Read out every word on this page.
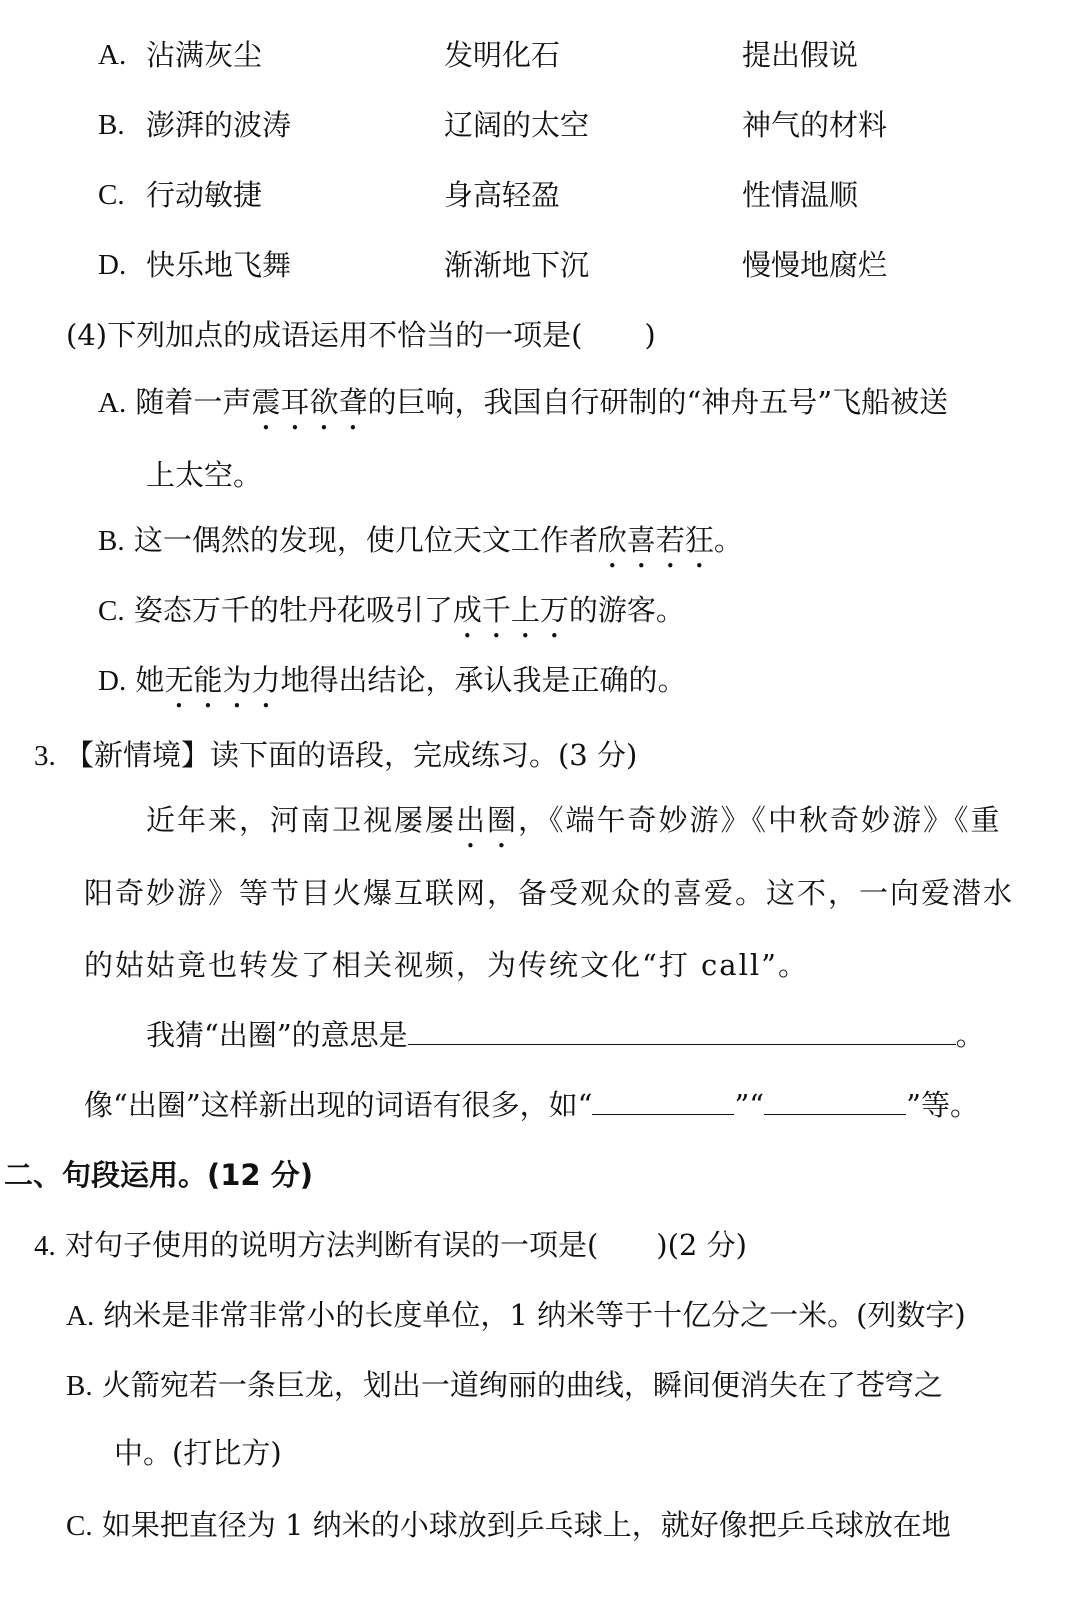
A. 沾满灰尘	发明化石	提出假说
B. 澎湃的波涛	辽阔的太空	神气的材料
C. 行动敏捷	身高轻盈	性情温顺
D. 快乐地飞舞	渐渐地下沉	慢慢地腐烂
(4)下列加点的成语运用不恰当的一项是( )
A. 随着一声震耳欲聋的巨响，我国自行研制的“神舟五号”飞船被送
上太空。
B. 这一偶然的发现，使几位天文工作者欣喜若狂。
C. 姿态万千的牡丹花吸引了成千上万的游客。
D. 她无能为力地得出结论，承认我是正确的。
3. 【新情境】读下面的语段，完成练习。(3 分)
近年来，河南卫视屡屡出圈，《端午奇妙游》《中秋奇妙游》《重
阳奇妙游》等节目火爆互联网，备受观众的喜爱。这不，一向爱潜水
的姑姑竟也转发了相关视频，为传统文化“打 call”。
我猜“出圈”的意思是	。
像“出圈”这样新出现的词语有很多，如“	”“	”等。
二、句段运用。(12 分)
4. 对句子使用的说明方法判断有误的一项是( )(2 分)
A. 纳米是非常非常小的长度单位，1 纳米等于十亿分之一米。(列数字)
B. 火箭宛若一条巨龙，划出一道绚丽的曲线，瞬间便消失在了苍穹之
中。(打比方)
C. 如果把直径为 1 纳米的小球放到乒乓球上，就好像把乒乓球放在地
